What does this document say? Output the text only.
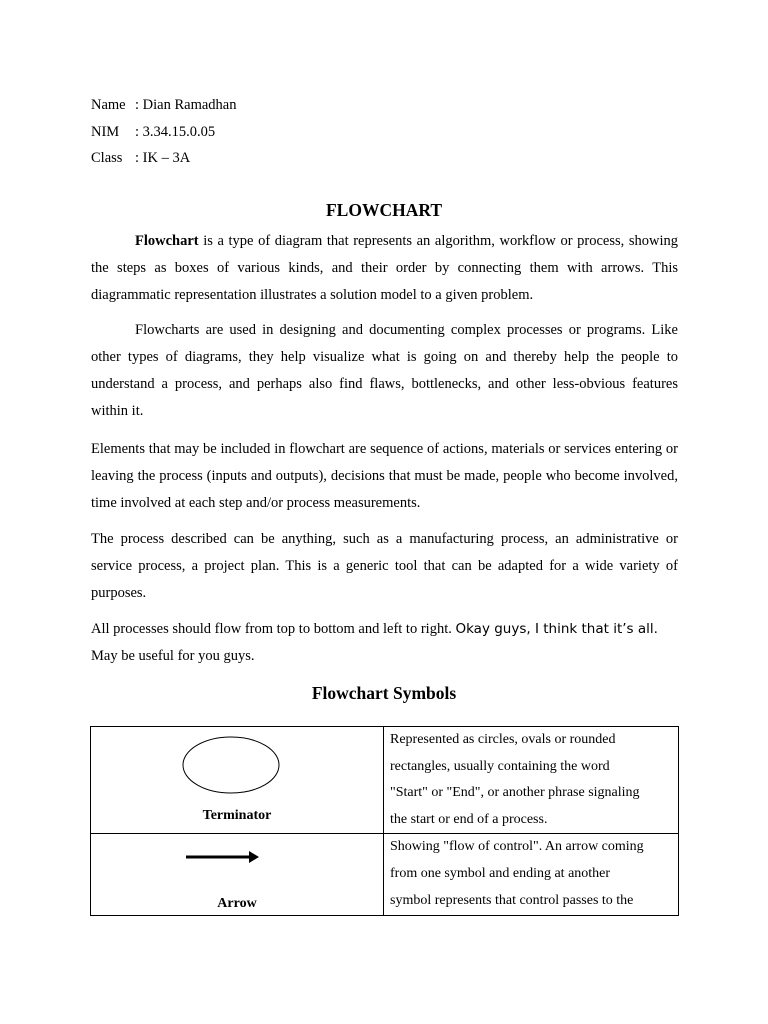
Name : Dian Ramadhan
NIM	: 3.34.15.0.05
Class : IK – 3A
FLOWCHART

Flowchart is a type of diagram that represents an algorithm, workflow or process, showing the steps as boxes of various kinds, and their order by connecting them with arrows. This diagrammatic representation illustrates a solution model to a given problem.

Flowcharts are used in designing and documenting complex processes or programs. Like other types of diagrams, they help visualize what is going on and thereby help the people to understand a process, and perhaps also find flaws, bottlenecks, and other less-obvious features within it.

Elements that may be included in flowchart are sequence of actions, materials or services entering or leaving the process (inputs and outputs), decisions that must be made, people who become involved, time involved at each step and/or process measurements.

The process described can be anything, such as a manufacturing process, an administrative or service process, a project plan. This is a generic tool that can be adapted for a wide variety of purposes.

All processes should flow from top to bottom and left to right. Okay guys, I think that it’s all.
May be useful for you guys.

Flowchart Symbols
Terminator	Represented as circles, ovals or rounded
rectangles, usually containing the word
"Start" or "End", or another phrase signaling
the start or end of a process.

Arrow	Showing "flow of control". An arrow coming
from one symbol and ending at another
symbol represents that control passes to the
